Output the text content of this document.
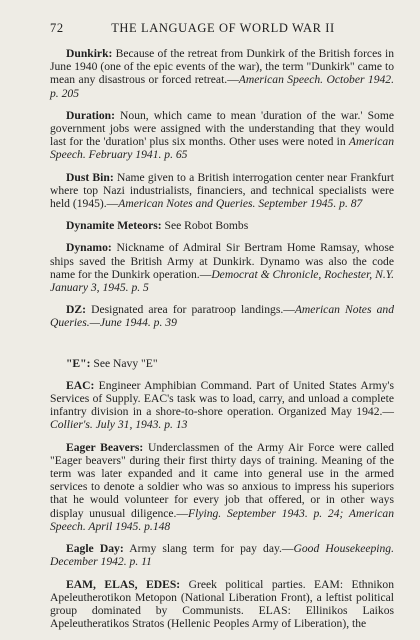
72	THE LANGUAGE OF WORLD WAR II

Dunkirk: Because of the retreat from Dunkirk of the British forces in June 1940 (one of the epic events of the war), the term "Dunkirk" came to mean any disastrous or forced retreat.—American Speech. October 1942. p. 205

Duration: Noun, which came to mean 'duration of the war.' Some government jobs were assigned with the understanding that they would last for the 'duration' plus six months. Other uses were noted in American Speech. February 1941. p. 65

Dust Bin: Name given to a British interrogation center near Frankfurt where top Nazi industrialists, financiers, and technical specialists were held (1945).—American Notes and Queries. September 1945. p. 87

Dynamite Meteors: See Robot Bombs

Dynamo: Nickname of Admiral Sir Bertram Home Ramsay, whose ships saved the British Army at Dunkirk. Dynamo was also the code name for the Dunkirk operation.—Democrat & Chronicle, Rochester, N.Y. January 3, 1945. p. 5

DZ: Designated area for paratroop landings.—American Notes and Queries.—June 1944. p. 39

"E": See Navy "E"

EAC: Engineer Amphibian Command. Part of United States Army's Services of Supply. EAC's task was to load, carry, and unload a complete infantry division in a shore-to-shore operation. Organized May 1942.—Collier's. July 31, 1943. p. 13

Eager Beavers: Underclassmen of the Army Air Force were called "Eager beavers" during their first thirty days of training. Meaning of the term was later expanded and it came into general use in the armed services to denote a soldier who was so anxious to impress his superiors that he would volunteer for every job that offered, or in other ways display unusual diligence.—Flying. September 1943. p. 24; American Speech. April 1945. p.148

Eagle Day: Army slang term for pay day.—Good Housekeeping. December 1942. p. 11

EAM, ELAS, EDES: Greek political parties. EAM: Ethnikon Apeleutherotikon Metopon (National Liberation Front), a leftist political group dominated by Communists. ELAS: Ellinikos Laikos Apeleutheratikos Stratos (Hellenic Peoples Army of Liberation), the
